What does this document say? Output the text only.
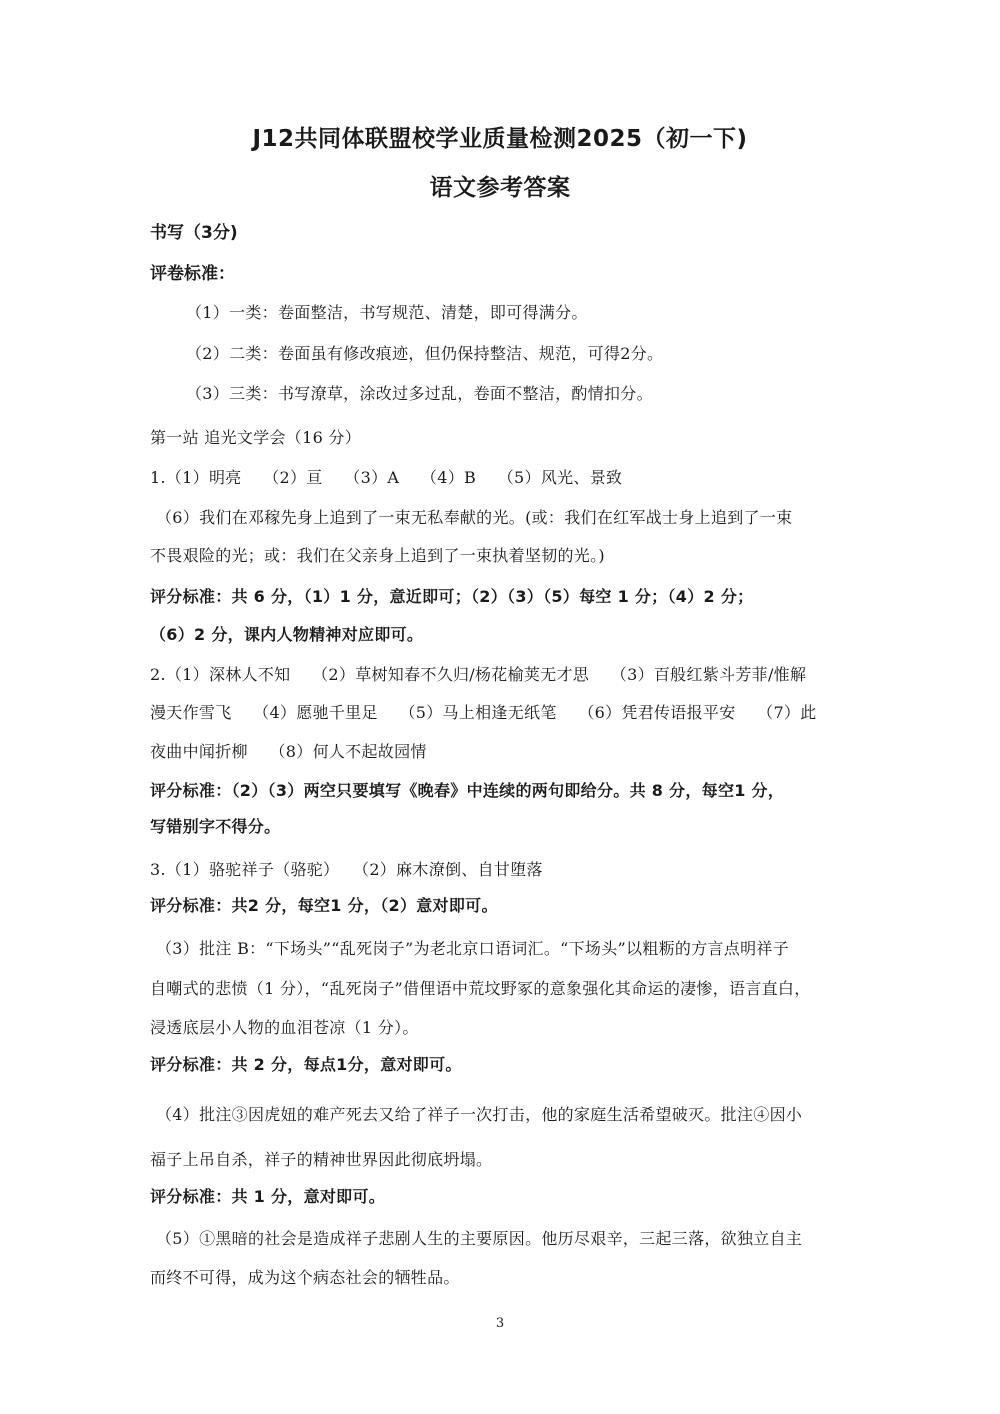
J12共同体联盟校学业质量检测2025（初一下)
语文参考答案
书写（3分)
评卷标准：
（1）一类：卷面整洁，书写规范、清楚，即可得满分。
（2）二类：卷面虽有修改痕迹，但仍保持整洁、规范，可得2分。
（3）三类：书写潦草，涂改过多过乱，卷面不整洁，酌情扣分。
第一站 追光文学会（16 分）
1.（1）明亮　 （2）亘　 （3）A　 （4）B　 （5）风光、景致
（6）我们在邓稼先身上追到了一束无私奉献的光。(或：我们在红军战士身上追到了一束
不畏艰险的光；或：我们在父亲身上追到了一束执着坚韧的光。)
评分标准：共 6 分，（1）1 分，意近即可；（2）（3）（5）每空 1 分；（4）2 分；
（6）2 分，课内人物精神对应即可。
2.（1）深林人不知　 （2）草树知春不久归/杨花榆荚无才思　 （3）百般红紫斗芳菲/惟解
漫天作雪飞　 （4）愿驰千里足　 （5）马上相逢无纸笔　 （6）凭君传语报平安　 （7）此
夜曲中闻折柳　 （8）何人不起故园情
评分标准：（2）（3）两空只要填写《晚春》中连续的两句即给分。共 8 分，每空1 分，
写错别字不得分。
3.（1）骆驼祥子（骆驼）　 （2）麻木潦倒、自甘堕落
评分标准：共2 分，每空1 分，（2）意对即可。
（3）批注 B：“下场头”“乱死岗子”为老北京口语词汇。“下场头”以粗粝的方言点明祥子
自嘲式的悲愤（1 分），“乱死岗子”借俚语中荒坟野冢的意象强化其命运的凄惨，语言直白，
浸透底层小人物的血泪苍凉（1 分）。
评分标准：共 2 分，每点1分，意对即可。
（4）批注③因虎妞的难产死去又给了祥子一次打击，他的家庭生活希望破灭。批注④因小
福子上吊自杀，祥子的精神世界因此彻底坍塌。
评分标准：共 1 分，意对即可。
（5）①黑暗的社会是造成祥子悲剧人生的主要原因。他历尽艰辛，三起三落，欲独立自主
而终不可得，成为这个病态社会的牺牲品。
3
